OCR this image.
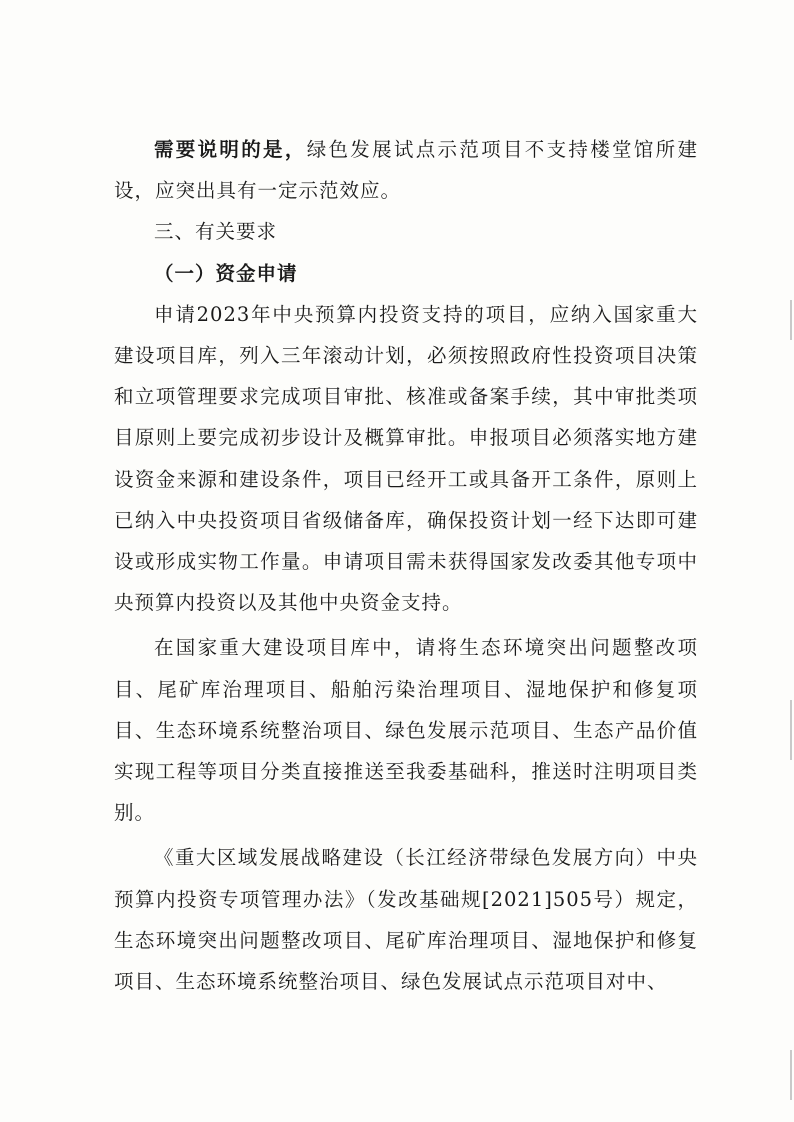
需要说明的是，绿色发展试点示范项目不支持楼堂馆所建设，应突出具有一定示范效应。

三、有关要求

（一）资金申请

申请2023年中央预算内投资支持的项目，应纳入国家重大建设项目库，列入三年滚动计划，必须按照政府性投资项目决策和立项管理要求完成项目审批、核准或备案手续，其中审批类项目原则上要完成初步设计及概算审批。申报项目必须落实地方建设资金来源和建设条件，项目已经开工或具备开工条件，原则上已纳入中央投资项目省级储备库，确保投资计划一经下达即可建设或形成实物工作量。申请项目需未获得国家发改委其他专项中央预算内投资以及其他中央资金支持。

在国家重大建设项目库中，请将生态环境突出问题整改项目、尾矿库治理项目、船舶污染治理项目、湿地保护和修复项目、生态环境系统整治项目、绿色发展示范项目、生态产品价值实现工程等项目分类直接推送至我委基础科，推送时注明项目类别。

《重大区域发展战略建设（长江经济带绿色发展方向）中央预算内投资专项管理办法》（发改基础规[2021]505号）规定，生态环境突出问题整改项目、尾矿库治理项目、湿地保护和修复项目、生态环境系统整治项目、绿色发展试点示范项目对中、
